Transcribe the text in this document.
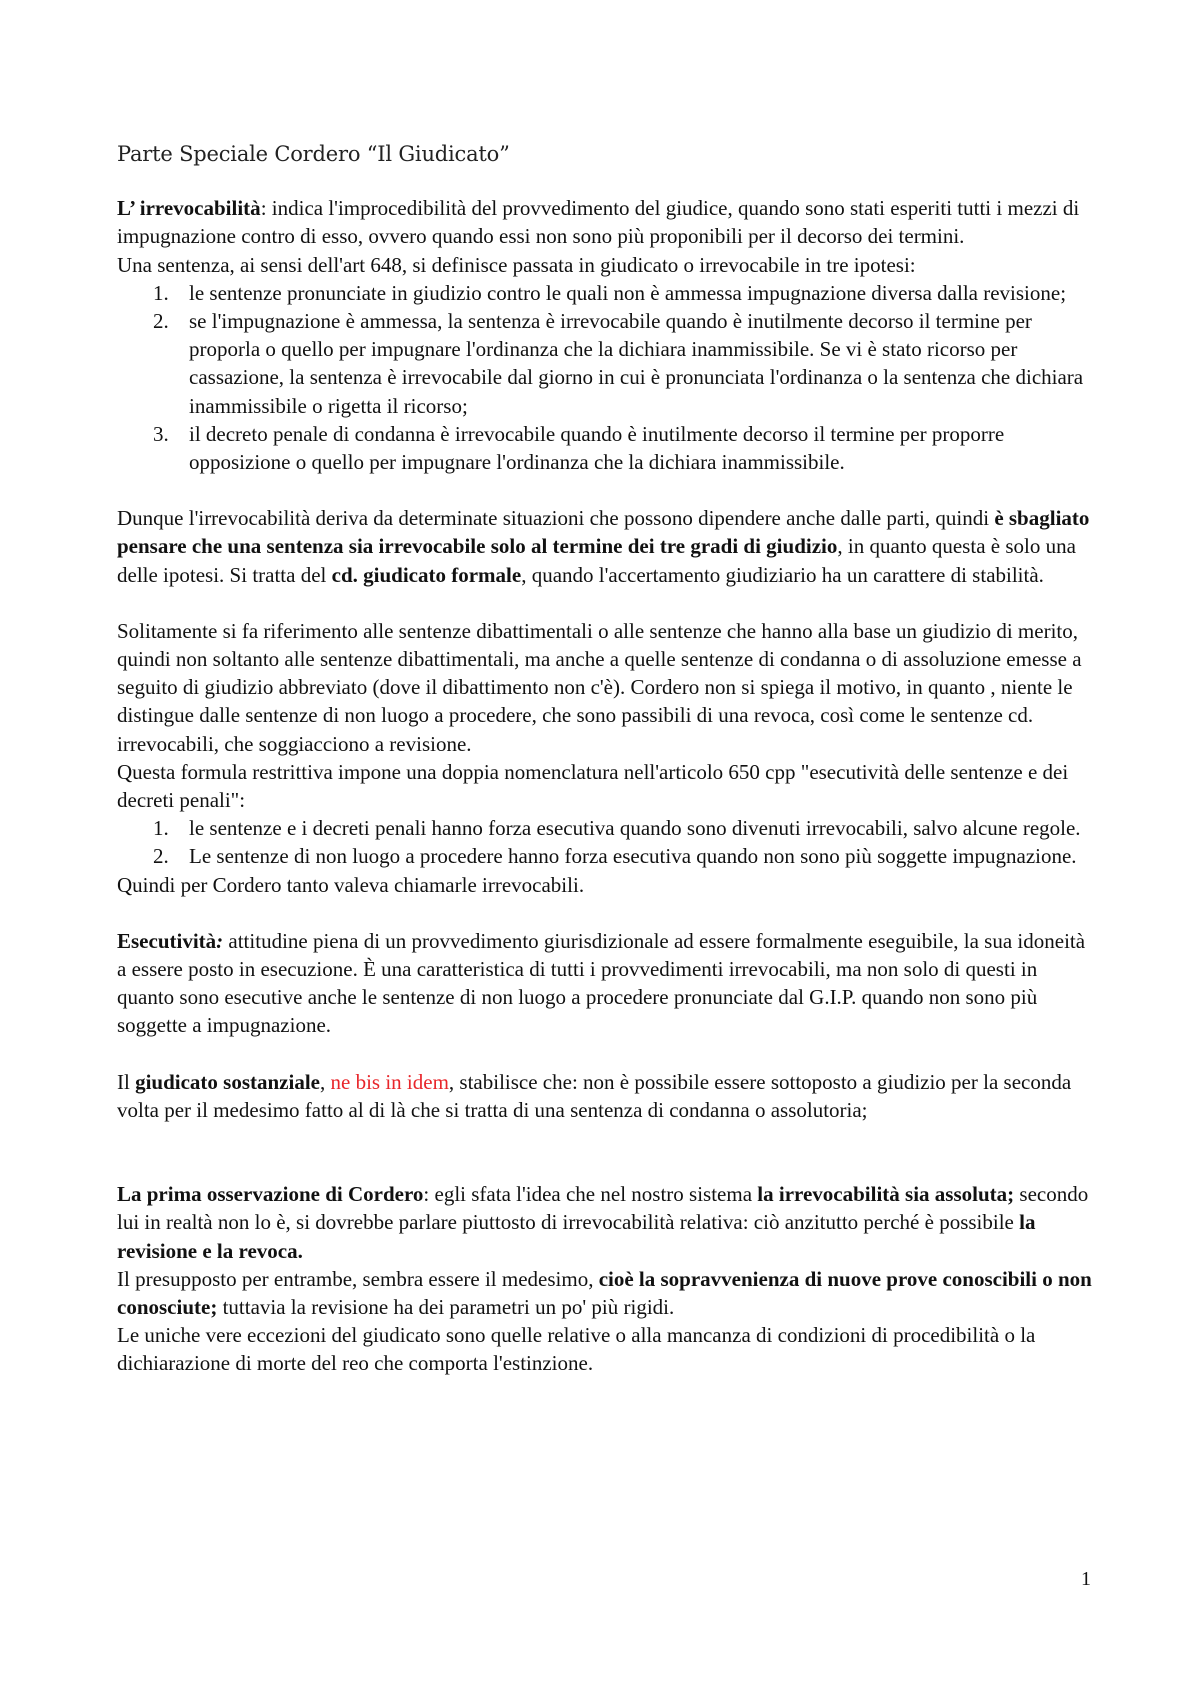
Parte Speciale Cordero “Il Giudicato”

L’ irrevocabilità: indica l'improcedibilità del provvedimento del giudice, quando sono stati esperiti tutti i mezzi di impugnazione contro di esso, ovvero quando essi non sono più proponibili per il decorso dei termini.

Una sentenza, ai sensi dell'art 648, si definisce passata in giudicato o irrevocabile in tre ipotesi:

1. le sentenze pronunciate in giudizio contro le quali non è ammessa impugnazione diversa dalla revisione;
2. se l'impugnazione è ammessa, la sentenza è irrevocabile quando è inutilmente decorso il termine per proporla o quello per impugnare l'ordinanza che la dichiara inammissibile. Se vi è stato ricorso per cassazione, la sentenza è irrevocabile dal giorno in cui è pronunciata l'ordinanza o la sentenza che dichiara inammissibile o rigetta il ricorso;
3. il decreto penale di condanna è irrevocabile quando è inutilmente decorso il termine per proporre opposizione o quello per impugnare l'ordinanza che la dichiara inammissibile.

Dunque l'irrevocabilità deriva da determinate situazioni che possono dipendere anche dalle parti, quindi è sbagliato pensare che una sentenza sia irrevocabile solo al termine dei tre gradi di giudizio, in quanto questa è solo una delle ipotesi. Si tratta del cd. giudicato formale, quando l'accertamento giudiziario ha un carattere di stabilità.

Solitamente si fa riferimento alle sentenze dibattimentali o alle sentenze che hanno alla base un giudizio di merito, quindi non soltanto alle sentenze dibattimentali, ma anche a quelle sentenze di condanna o di assoluzione emesse a seguito di giudizio abbreviato (dove il dibattimento non c'è). Cordero non si spiega il motivo, in quanto , niente le distingue dalle sentenze di non luogo a procedere, che sono passibili di una revoca, così come le sentenze cd. irrevocabili, che soggiacciono a revisione.

Questa formula restrittiva impone una doppia nomenclatura nell'articolo 650 cpp "esecutività delle sentenze e dei decreti penali":

1. le sentenze e i decreti penali hanno forza esecutiva quando sono divenuti irrevocabili, salvo alcune regole.
2. Le sentenze di non luogo a procedere hanno forza esecutiva quando non sono più soggette impugnazione.

Quindi per Cordero tanto valeva chiamarle irrevocabili.

Esecutività: attitudine piena di un provvedimento giurisdizionale ad essere formalmente eseguibile, la sua idoneità a essere posto in esecuzione. È una caratteristica di tutti i provvedimenti irrevocabili, ma non solo di questi in quanto sono esecutive anche le sentenze di non luogo a procedere pronunciate dal G.I.P. quando non sono più soggette a impugnazione.

Il giudicato sostanziale, ne bis in idem, stabilisce che: non è possibile essere sottoposto a giudizio per la seconda volta per il medesimo fatto al di là che si tratta di una sentenza di condanna o assolutoria;

La prima osservazione di Cordero: egli sfata l'idea che nel nostro sistema la irrevocabilità sia assoluta; secondo lui in realtà non lo è, si dovrebbe parlare piuttosto di irrevocabilità relativa: ciò anzitutto perché è possibile la revisione e la revoca.

Il presupposto per entrambe, sembra essere il medesimo, cioè la sopravvenienza di nuove prove conoscibili o non conosciute; tuttavia la revisione ha dei parametri un po' più rigidi.

Le uniche vere eccezioni del giudicato sono quelle relative o alla mancanza di condizioni di procedibilità o la dichiarazione di morte del reo che comporta l'estinzione.

1
